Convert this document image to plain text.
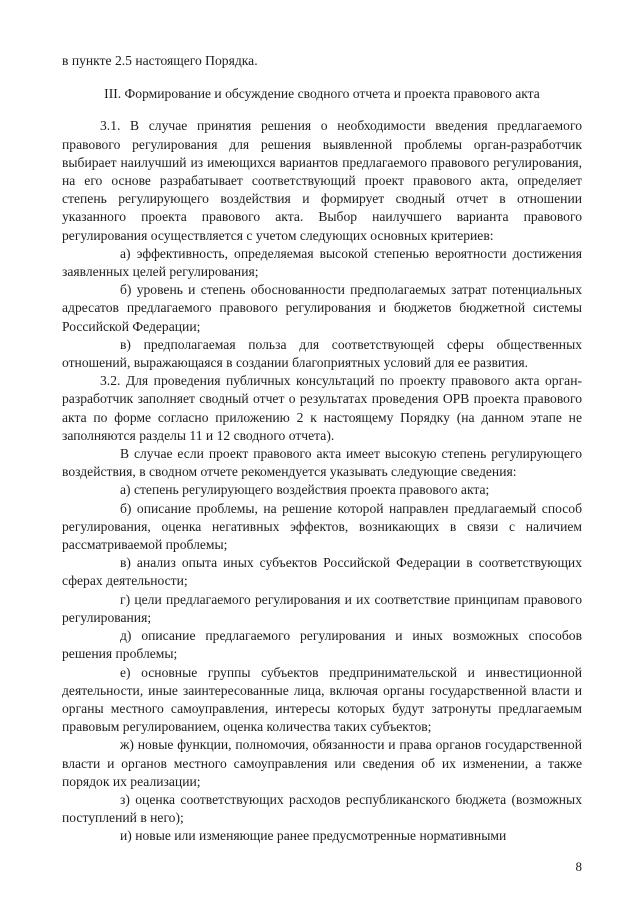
в пункте 2.5 настоящего Порядка.

III. Формирование и обсуждение сводного отчета и проекта правового акта

3.1. В случае принятия решения о необходимости введения предлагаемого правового регулирования для решения выявленной проблемы орган-разработчик выбирает наилучший из имеющихся вариантов предлагаемого правового регулирования, на его основе разрабатывает соответствующий проект правового акта, определяет степень регулирующего воздействия и формирует сводный отчет в отношении указанного проекта правового акта. Выбор наилучшего варианта правового регулирования осуществляется с учетом следующих основных критериев:

а) эффективность, определяемая высокой степенью вероятности достижения заявленных целей регулирования;

б) уровень и степень обоснованности предполагаемых затрат потенциальных адресатов предлагаемого правового регулирования и бюджетов бюджетной системы Российской Федерации;

в) предполагаемая польза для соответствующей сферы общественных отношений, выражающаяся в создании благоприятных условий для ее развития.

3.2. Для проведения публичных консультаций по проекту правового акта орган-разработчик заполняет сводный отчет о результатах проведения ОРВ проекта правового акта по форме согласно приложению 2 к настоящему Порядку (на данном этапе не заполняются разделы 11 и 12 сводного отчета).

В случае если проект правового акта имеет высокую степень регулирующего воздействия, в сводном отчете рекомендуется указывать следующие сведения:

а) степень регулирующего воздействия проекта правового акта;

б) описание проблемы, на решение которой направлен предлагаемый способ регулирования, оценка негативных эффектов, возникающих в связи с наличием рассматриваемой проблемы;

в) анализ опыта иных субъектов Российской Федерации в соответствующих сферах деятельности;

г) цели предлагаемого регулирования и их соответствие принципам правового регулирования;

д) описание предлагаемого регулирования и иных возможных способов решения проблемы;

е) основные группы субъектов предпринимательской и инвестиционной деятельности, иные заинтересованные лица, включая органы государственной власти и органы местного самоуправления, интересы которых будут затронуты предлагаемым правовым регулированием, оценка количества таких субъектов;

ж) новые функции, полномочия, обязанности и права органов государственной власти и органов местного самоуправления или сведения об их изменении, а также порядок их реализации;

з) оценка соответствующих расходов республиканского бюджета (возможных поступлений в него);

и) новые или изменяющие ранее предусмотренные нормативными

8
